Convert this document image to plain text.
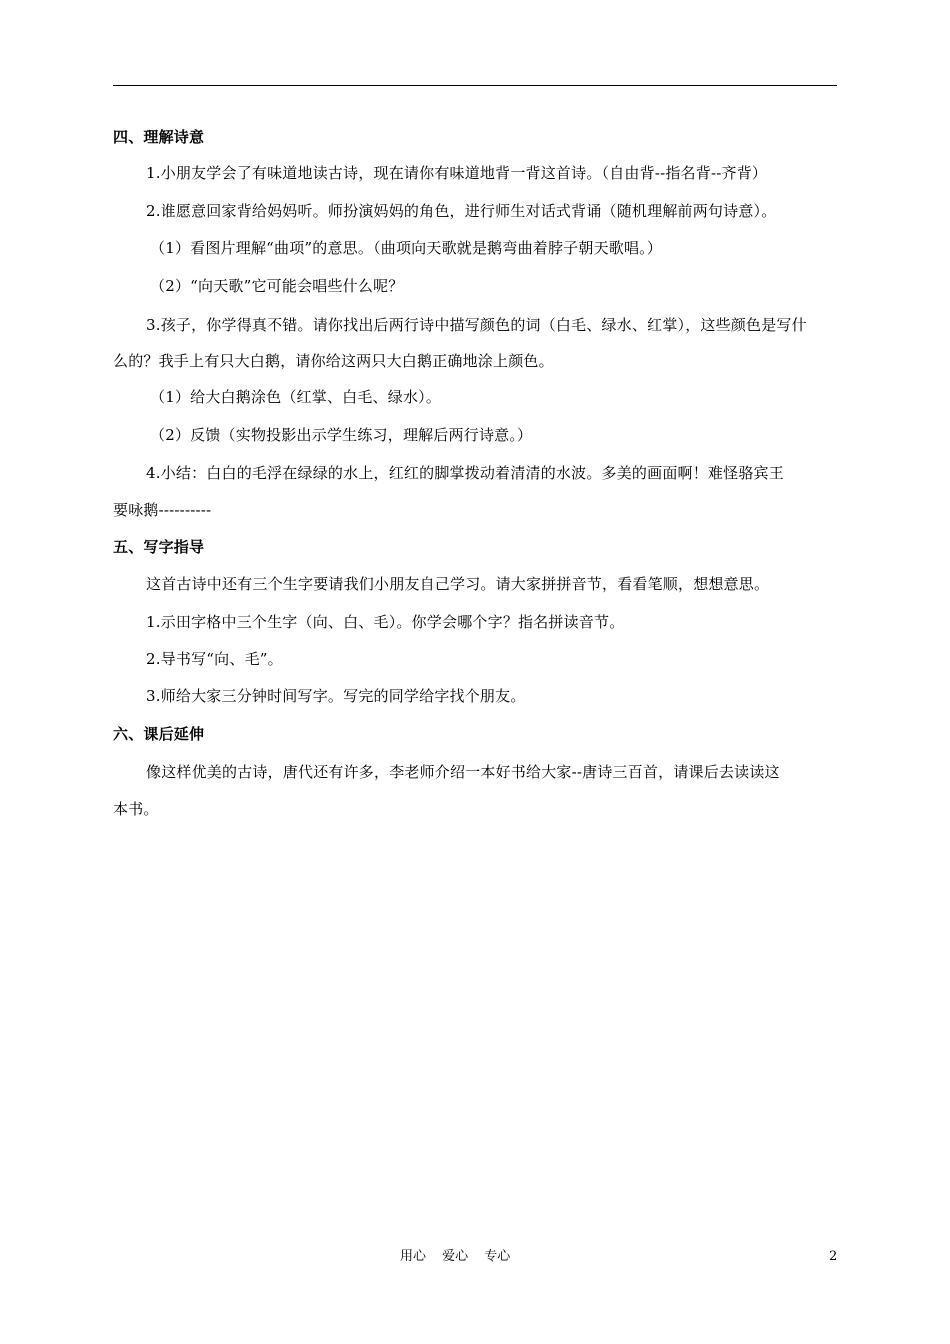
四、理解诗意
1.小朋友学会了有味道地读古诗，现在请你有味道地背一背这首诗。（自由背--指名背--齐背）
2.谁愿意回家背给妈妈听。师扮演妈妈的角色，进行师生对话式背诵（随机理解前两句诗意）。
（1）看图片理解“曲项”的意思。（曲项向天歌就是鹅弯曲着脖子朝天歌唱。）
（2）“向天歌”它可能会唱些什么呢？
3.孩子，你学得真不错。请你找出后两行诗中描写颜色的词（白毛、绿水、红掌），这些颜色是写什
么的？我手上有只大白鹅，请你给这两只大白鹅正确地涂上颜色。
（1）给大白鹅涂色（红掌、白毛、绿水）。
（2）反馈（实物投影出示学生练习，理解后两行诗意。）
4.小结：白白的毛浮在绿绿的水上，红红的脚掌拨动着清清的水波。多美的画面啊！难怪骆宾王
要咏鹅----------
五、写字指导
这首古诗中还有三个生字要请我们小朋友自己学习。请大家拼拼音节，看看笔顺，想想意思。
1.示田字格中三个生字（向、白、毛）。你学会哪个字？指名拼读音节。
2.导书写“向、毛”。
3.师给大家三分钟时间写字。写完的同学给字找个朋友。
六、课后延伸
像这样优美的古诗，唐代还有许多，李老师介绍一本好书给大家--唐诗三百首，请课后去读读这
本书。
用心 爱心 专心	2
